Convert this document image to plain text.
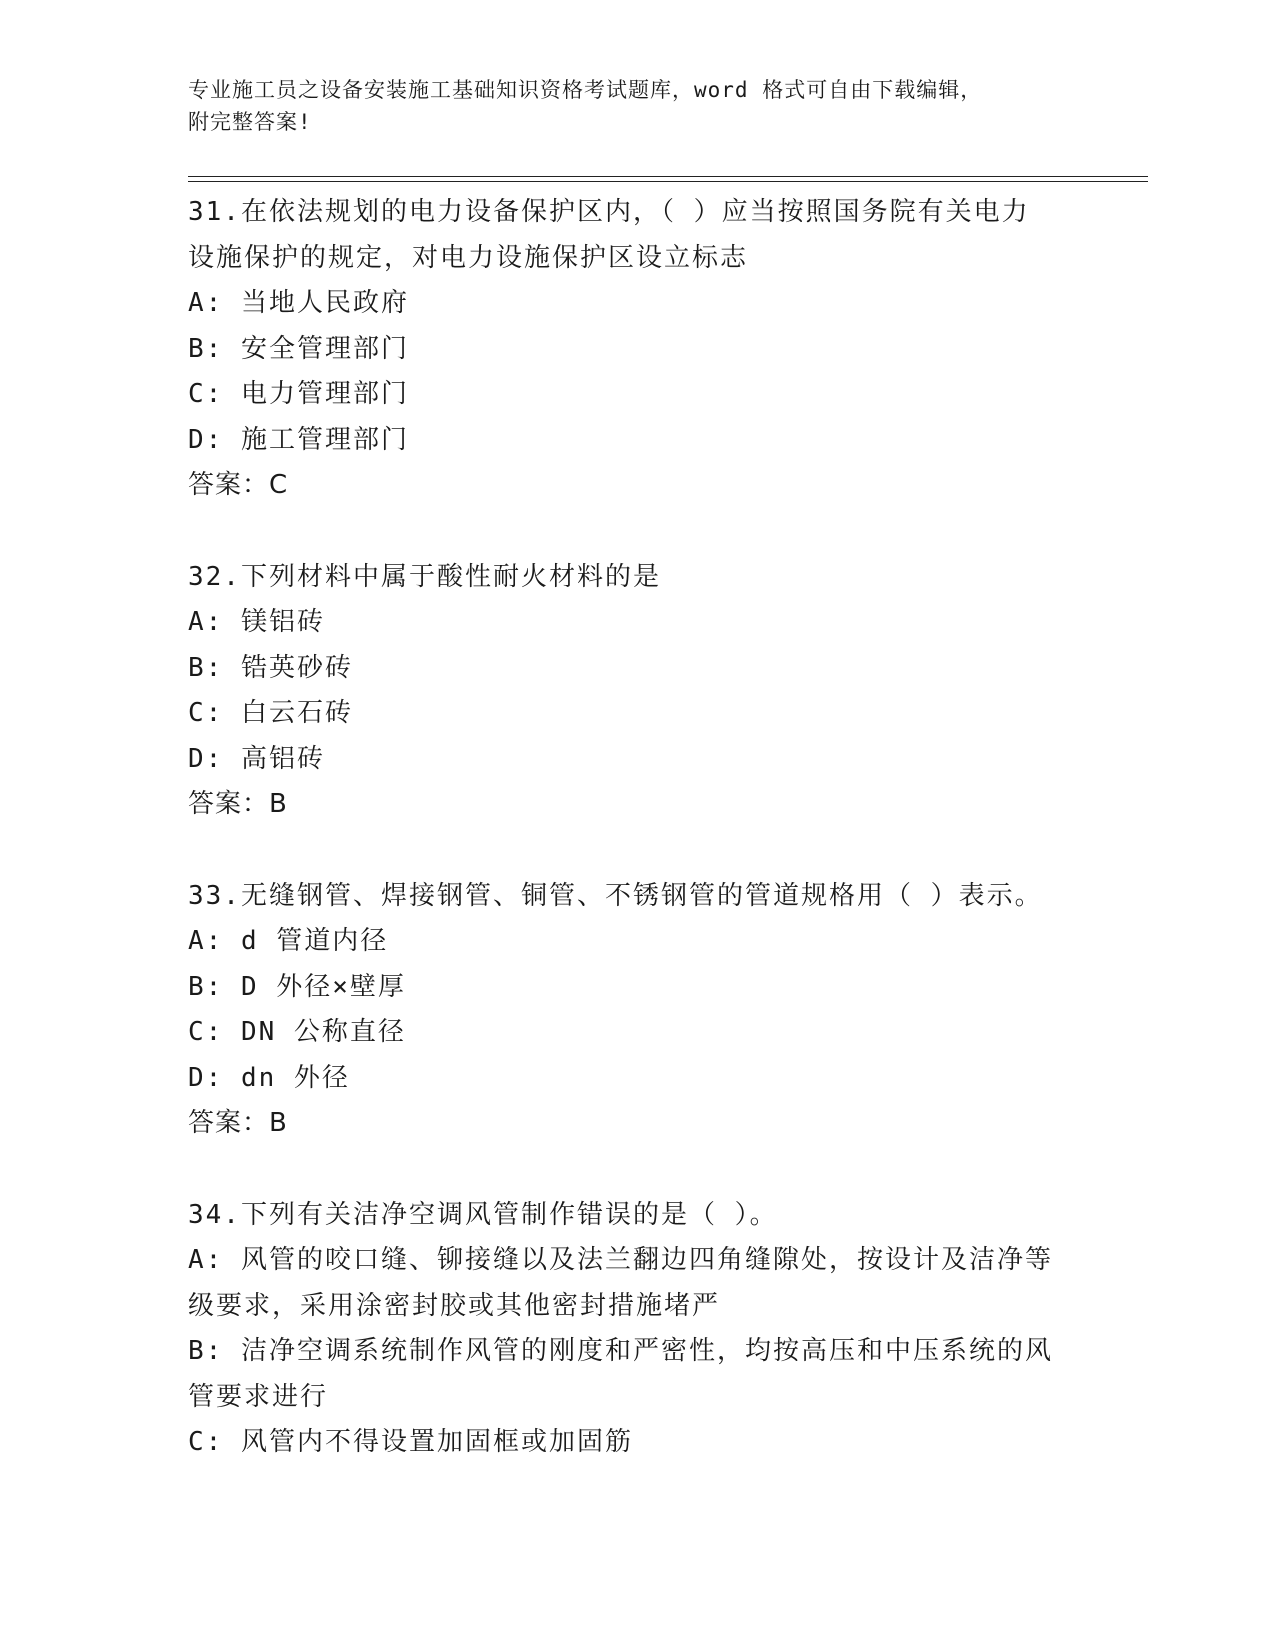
专业施工员之设备安装施工基础知识资格考试题库，word 格式可自由下载编辑，
附完整答案!
31.在依法规划的电力设备保护区内，（ ）应当按照国务院有关电力
设施保护的规定，对电力设施保护区设立标志
A: 当地人民政府
B: 安全管理部门
C: 电力管理部门
D: 施工管理部门
答案：C
32.下列材料中属于酸性耐火材料的是
A: 镁铝砖
B: 锆英砂砖
C: 白云石砖
D: 高铝砖
答案：B
33.无缝钢管、焊接钢管、铜管、不锈钢管的管道规格用（ ）表示。
A: d 管道内径
B: D 外径×壁厚
C: DN 公称直径
D: dn 外径
答案：B
34.下列有关洁净空调风管制作错误的是（ ）。
A: 风管的咬口缝、铆接缝以及法兰翻边四角缝隙处，按设计及洁净等
级要求，采用涂密封胶或其他密封措施堵严
B: 洁净空调系统制作风管的刚度和严密性，均按高压和中压系统的风
管要求进行
C: 风管内不得设置加固框或加固筋
